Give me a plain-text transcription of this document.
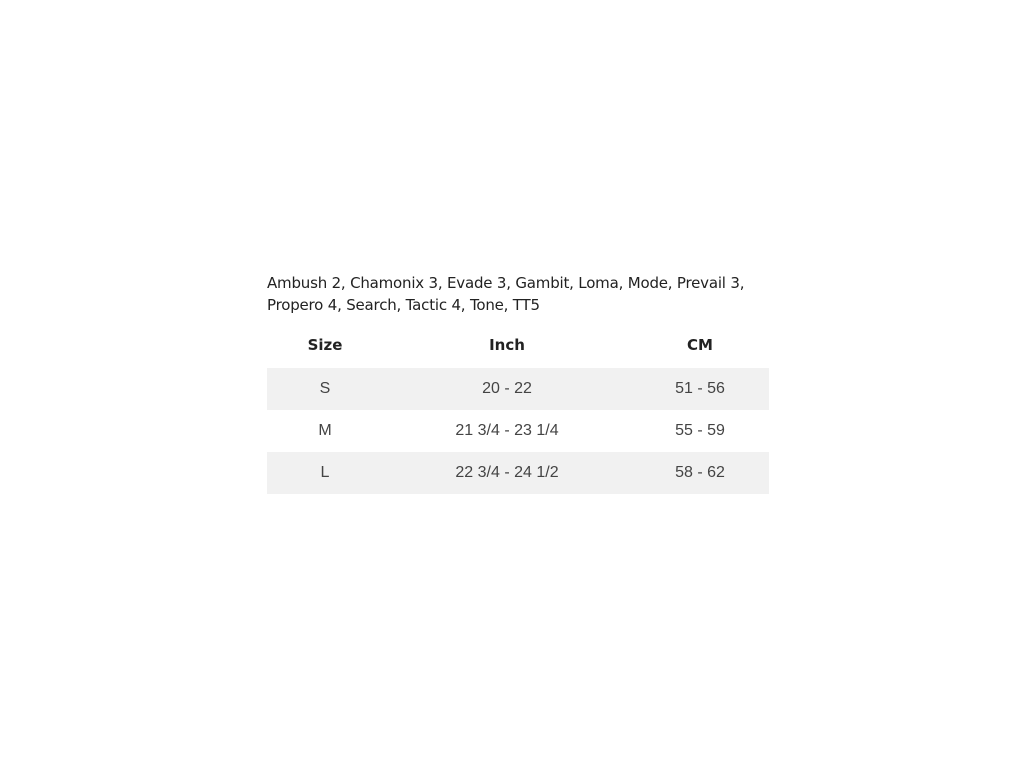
Ambush 2, Chamonix 3, Evade 3, Gambit, Loma, Mode, Prevail 3, Propero 4, Search, Tactic 4, Tone, TT5

Size	Inch	CM
S	20 - 22	51 - 56
M	21 3/4 - 23 1/4	55 - 59
L	22 3/4 - 24 1/2	58 - 62
